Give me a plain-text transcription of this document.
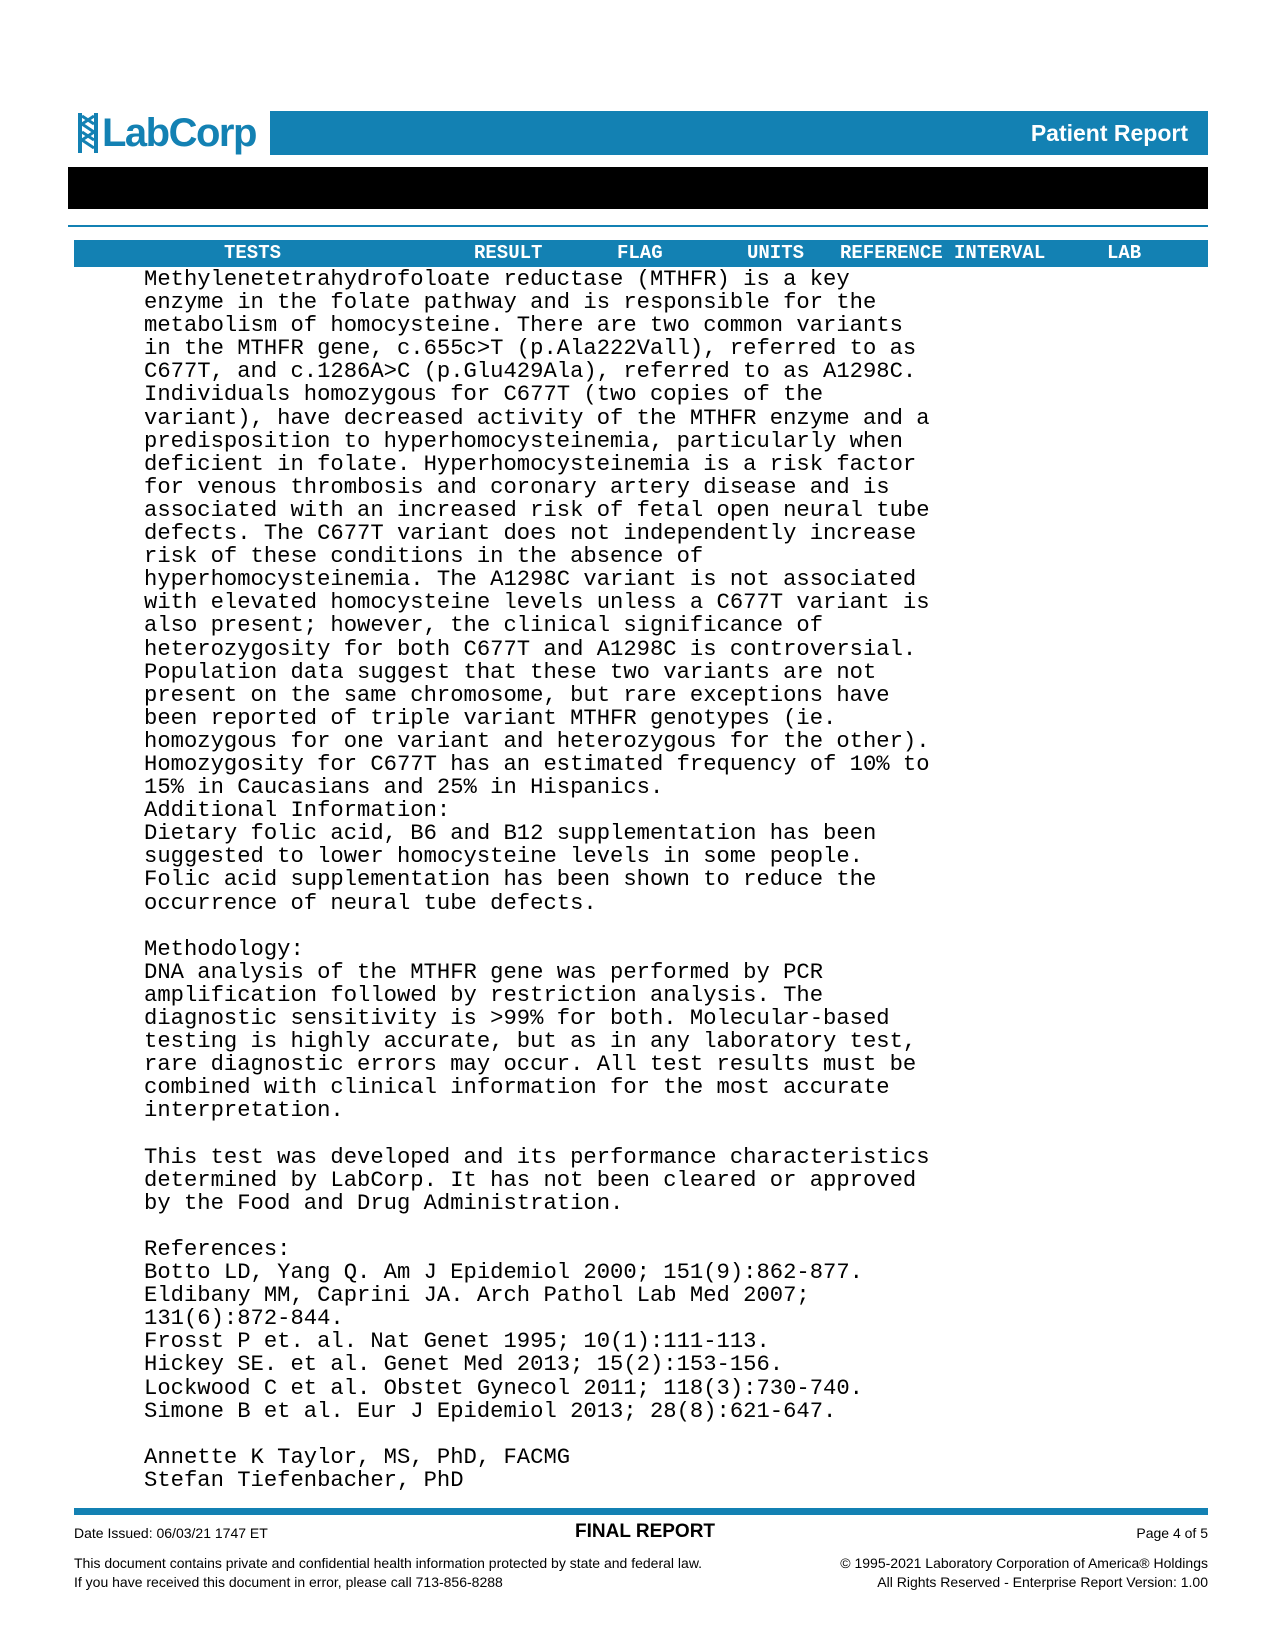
LabCorp	Patient Report
TESTS	RESULT	FLAG	UNITS REFERENCE INTERVAL	LAB
Methylenetetrahydrofoloate reductase (MTHFR) is a key
enzyme in the folate pathway and is responsible for the
metabolism of homocysteine. There are two common variants
in the MTHFR gene, c.655c>T (p.Ala222Vall), referred to as
C677T, and c.1286A>C (p.Glu429Ala), referred to as A1298C.
Individuals homozygous for C677T (two copies of the
variant), have decreased activity of the MTHFR enzyme and a
predisposition to hyperhomocysteinemia, particularly when
deficient in folate. Hyperhomocysteinemia is a risk factor
for venous thrombosis and coronary artery disease and is
associated with an increased risk of fetal open neural tube
defects. The C677T variant does not independently increase
risk of these conditions in the absence of
hyperhomocysteinemia. The A1298C variant is not associated
with elevated homocysteine levels unless a C677T variant is
also present; however, the clinical significance of
heterozygosity for both C677T and A1298C is controversial.
Population data suggest that these two variants are not
present on the same chromosome, but rare exceptions have
been reported of triple variant MTHFR genotypes (ie.
homozygous for one variant and heterozygous for the other).
Homozygosity for C677T has an estimated frequency of 10% to
15% in Caucasians and 25% in Hispanics.
Additional Information:
Dietary folic acid, B6 and B12 supplementation has been
suggested to lower homocysteine levels in some people.
Folic acid supplementation has been shown to reduce the
occurrence of neural tube defects.

Methodology:
DNA analysis of the MTHFR gene was performed by PCR
amplification followed by restriction analysis. The
diagnostic sensitivity is >99% for both. Molecular-based
testing is highly accurate, but as in any laboratory test,
rare diagnostic errors may occur. All test results must be
combined with clinical information for the most accurate
interpretation.

This test was developed and its performance characteristics
determined by LabCorp. It has not been cleared or approved
by the Food and Drug Administration.

References:
Botto LD, Yang Q. Am J Epidemiol 2000; 151(9):862-877.
Eldibany MM, Caprini JA. Arch Pathol Lab Med 2007;
131(6):872-844.
Frosst P et. al. Nat Genet 1995; 10(1):111-113.
Hickey SE. et al. Genet Med 2013; 15(2):153-156.
Lockwood C et al. Obstet Gynecol 2011; 118(3):730-740.
Simone B et al. Eur J Epidemiol 2013; 28(8):621-647.

Annette K Taylor, MS, PhD, FACMG
Stefan Tiefenbacher, PhD
Date Issued: 06/03/21 1747 ET	FINAL REPORT	Page 4 of 5
This document contains private and confidential health information protected by state and federal law.
If you have received this document in error, please call 713-856-8288
© 1995-2021 Laboratory Corporation of America® Holdings
All Rights Reserved - Enterprise Report Version: 1.00
